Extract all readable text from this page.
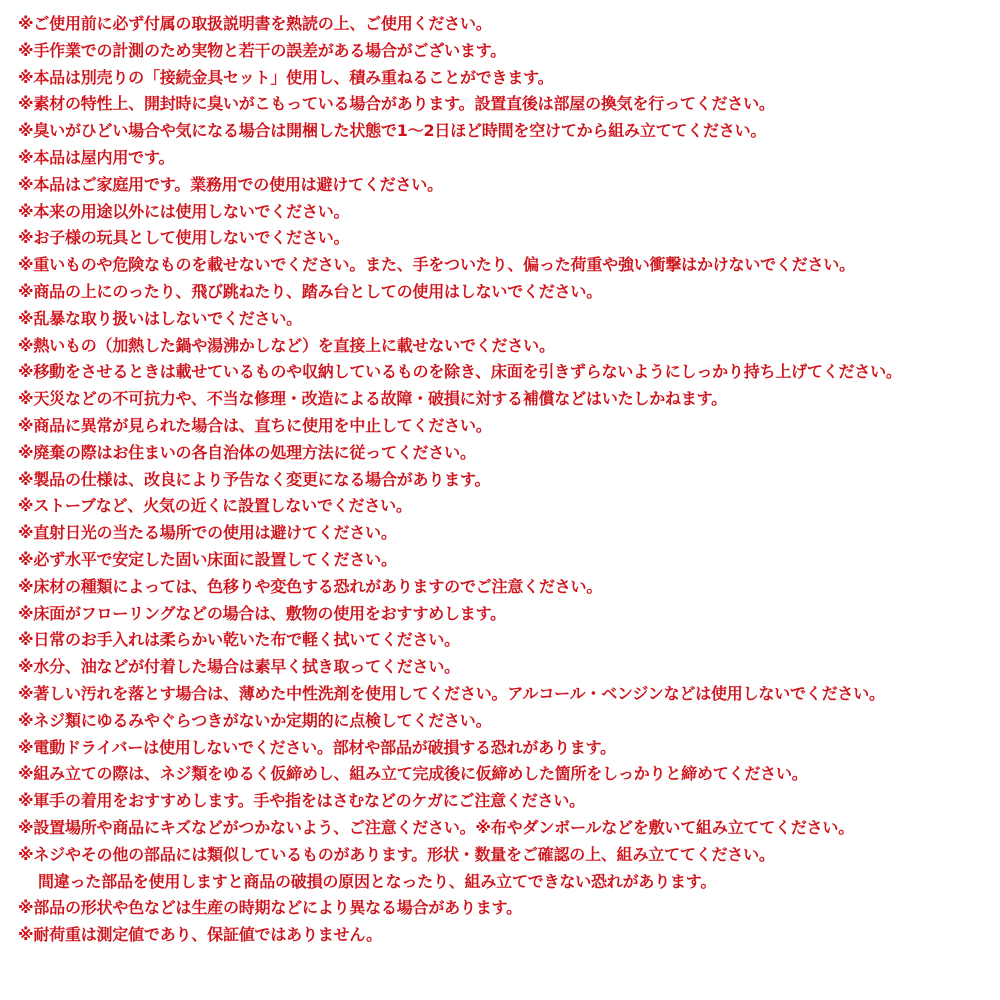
※ご使用前に必ず付属の取扱説明書を熟読の上、ご使用ください。
※手作業での計測のため実物と若干の誤差がある場合がございます。
※本品は別売りの「接続金具セット」使用し、積み重ねることができます。
※素材の特性上、開封時に臭いがこもっている場合があります。設置直後は部屋の換気を行ってください。
※臭いがひどい場合や気になる場合は開梱した状態で1〜2日ほど時間を空けてから組み立ててください。
※本品は屋内用です。
※本品はご家庭用です。業務用での使用は避けてください。
※本来の用途以外には使用しないでください。
※お子様の玩具として使用しないでください。
※重いものや危険なものを載せないでください。また、手をついたり、偏った荷重や強い衝撃はかけないでください。
※商品の上にのったり、飛び跳ねたり、踏み台としての使用はしないでください。
※乱暴な取り扱いはしないでください。
※熱いもの（加熱した鍋や湯沸かしなど）を直接上に載せないでください。
※移動をさせるときは載せているものや収納しているものを除き、床面を引きずらないようにしっかり持ち上げてください。
※天災などの不可抗力や、不当な修理・改造による故障・破損に対する補償などはいたしかねます。
※商品に異常が見られた場合は、直ちに使用を中止してください。
※廃棄の際はお住まいの各自治体の処理方法に従ってください。
※製品の仕様は、改良により予告なく変更になる場合があります。
※ストーブなど、火気の近くに設置しないでください。
※直射日光の当たる場所での使用は避けてください。
※必ず水平で安定した固い床面に設置してください。
※床材の種類によっては、色移りや変色する恐れがありますのでご注意ください。
※床面がフローリングなどの場合は、敷物の使用をおすすめします。
※日常のお手入れは柔らかい乾いた布で軽く拭いてください。
※水分、油などが付着した場合は素早く拭き取ってください。
※著しい汚れを落とす場合は、薄めた中性洗剤を使用してください。アルコール・ベンジンなどは使用しないでください。
※ネジ類にゆるみやぐらつきがないか定期的に点検してください。
※電動ドライバーは使用しないでください。部材や部品が破損する恐れがあります。
※組み立ての際は、ネジ類をゆるく仮締めし、組み立て完成後に仮締めした箇所をしっかりと締めてください。
※軍手の着用をおすすめします。手や指をはさむなどのケガにご注意ください。
※設置場所や商品にキズなどがつかないよう、ご注意ください。※布やダンボールなどを敷いて組み立ててください。
※ネジやその他の部品には類似しているものがあります。形状・数量をご確認の上、組み立ててください。
間違った部品を使用しますと商品の破損の原因となったり、組み立てできない恐れがあります。
※部品の形状や色などは生産の時期などにより異なる場合があります。
※耐荷重は測定値であり、保証値ではありません。
